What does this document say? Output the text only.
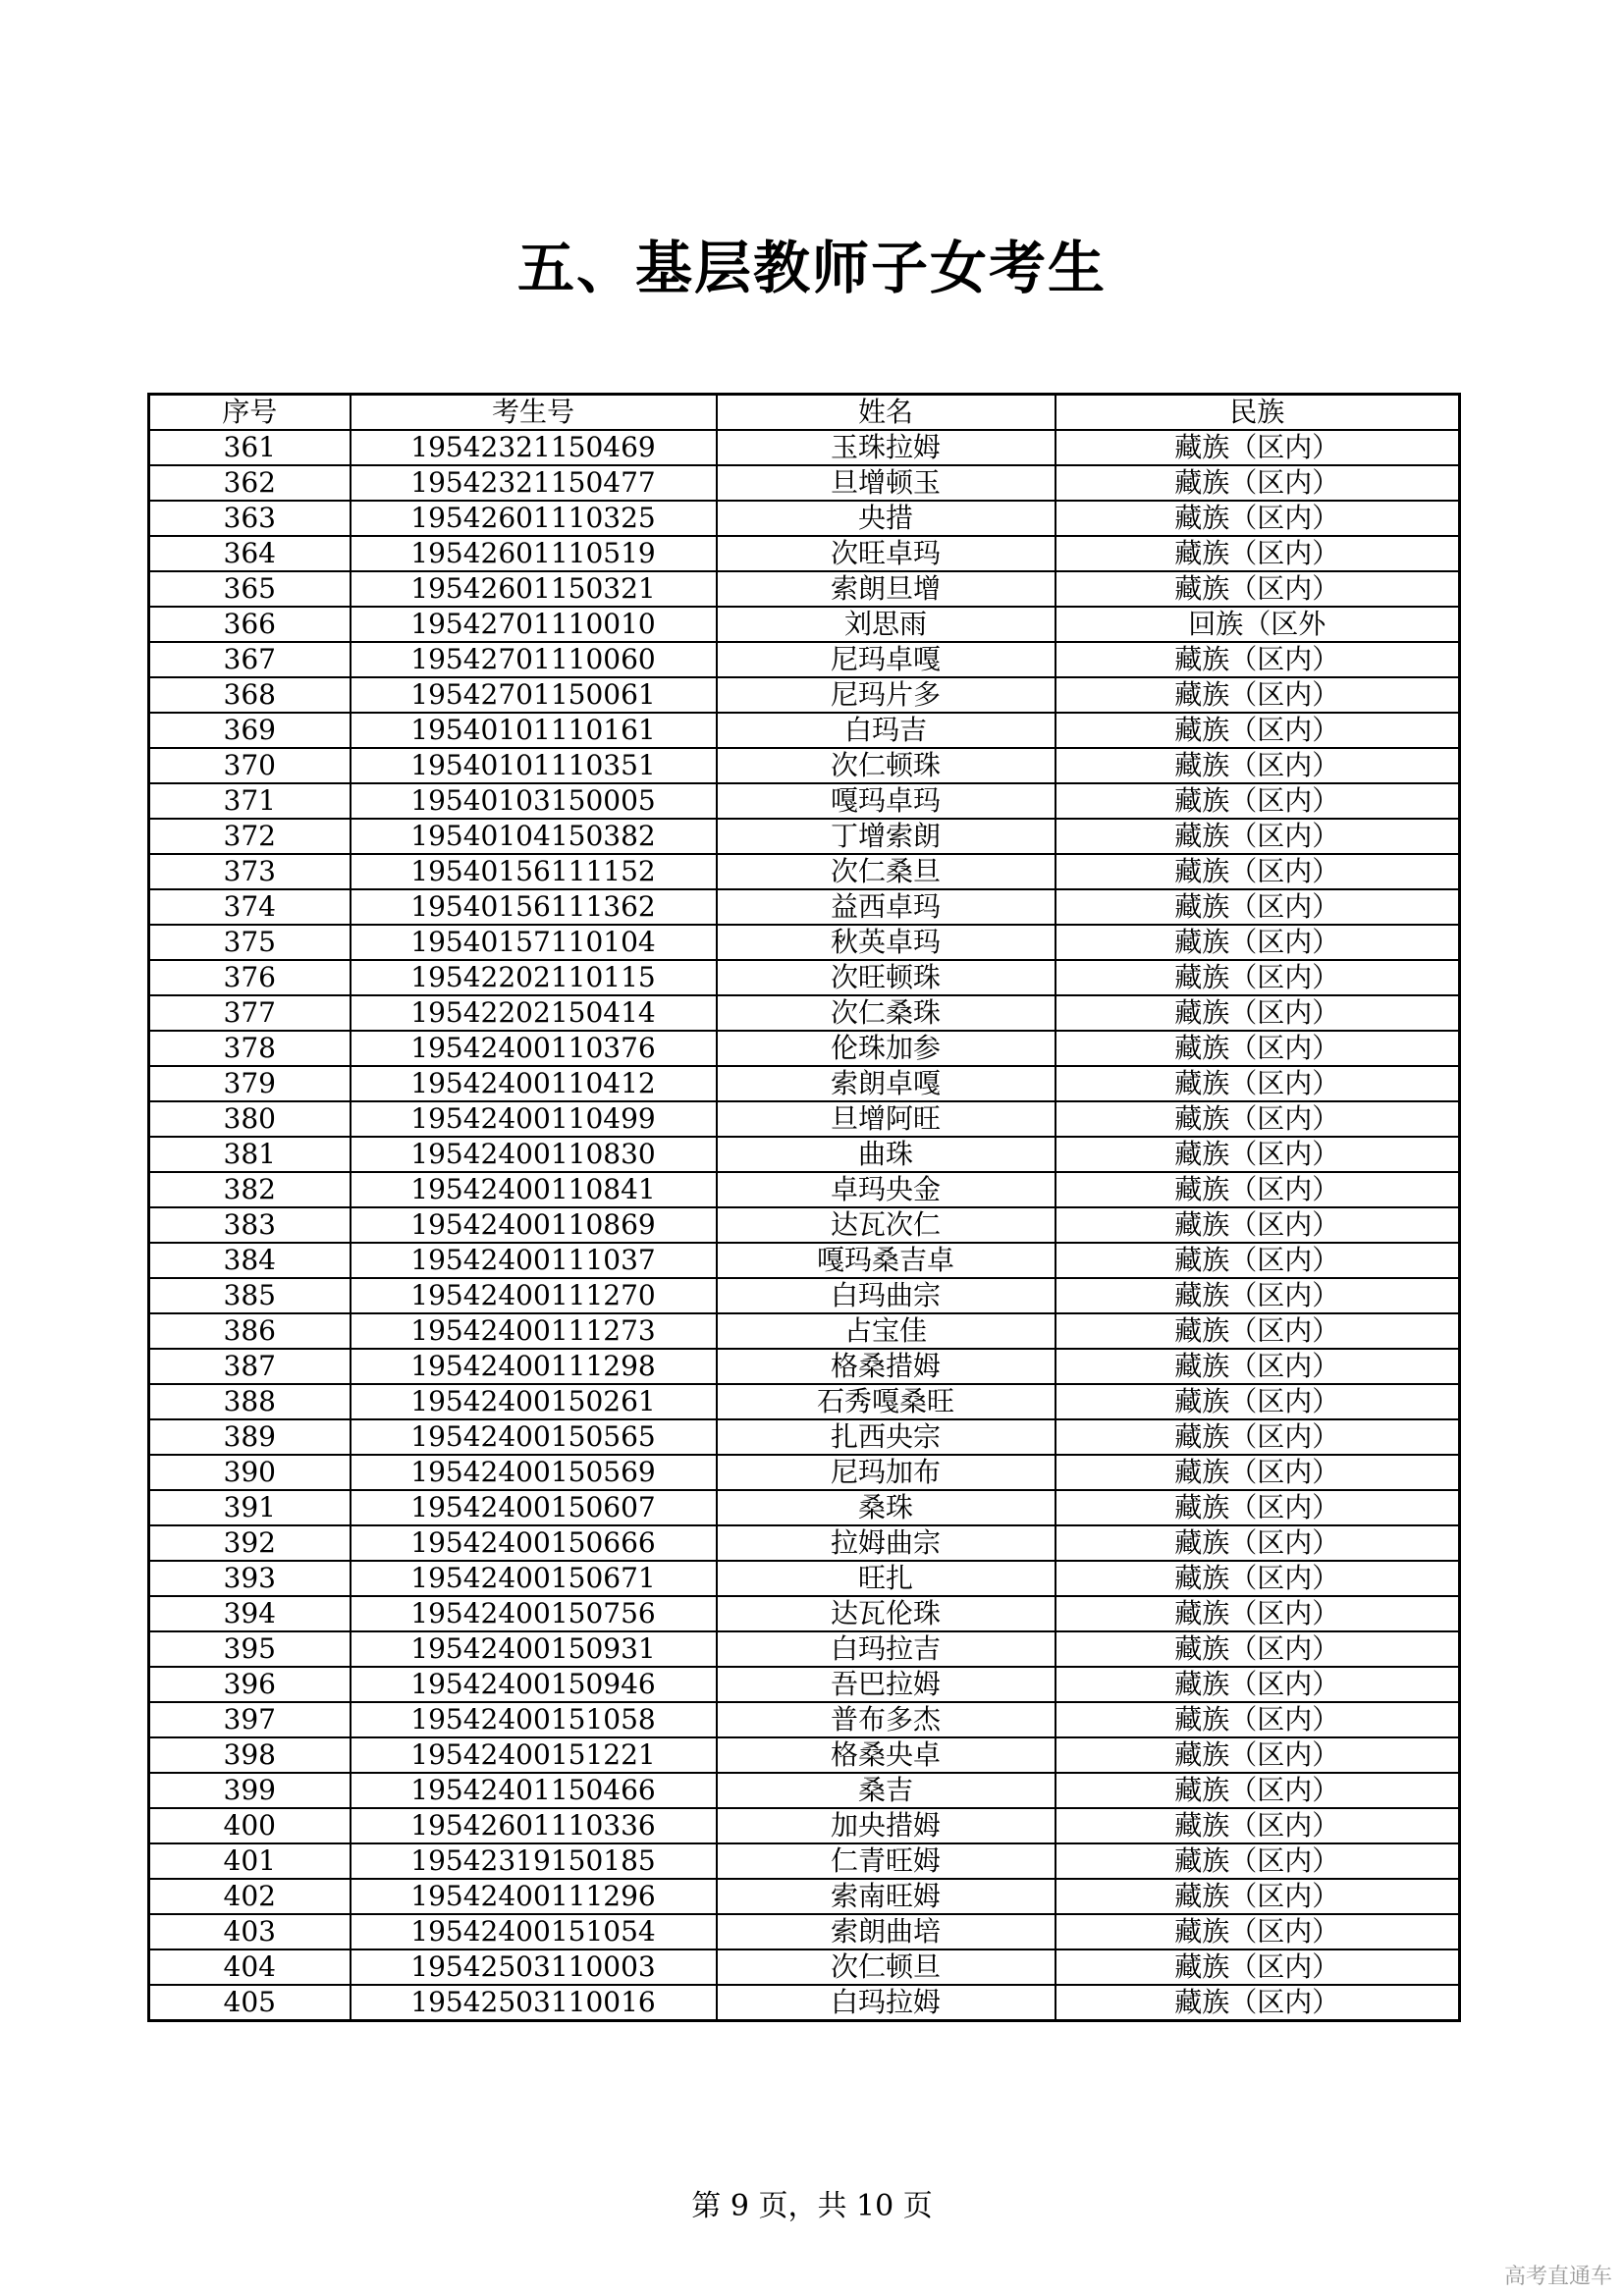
五、基层教师子女考生
序号	考生号	姓名	民族
361	19542321150469	玉珠拉姆	藏族（区内）
362	19542321150477	旦增顿玉	藏族（区内）
363	19542601110325	央措	藏族（区内）
364	19542601110519	次旺卓玛	藏族（区内）
365	19542601150321	索朗旦增	藏族（区内）
366	19542701110010	刘思雨	回族（区外
367	19542701110060	尼玛卓嘎	藏族（区内）
368	19542701150061	尼玛片多	藏族（区内）
369	19540101110161	白玛吉	藏族（区内）
370	19540101110351	次仁顿珠	藏族（区内）
371	19540103150005	嘎玛卓玛	藏族（区内）
372	19540104150382	丁增索朗	藏族（区内）
373	19540156111152	次仁桑旦	藏族（区内）
374	19540156111362	益西卓玛	藏族（区内）
375	19540157110104	秋英卓玛	藏族（区内）
376	19542202110115	次旺顿珠	藏族（区内）
377	19542202150414	次仁桑珠	藏族（区内）
378	19542400110376	伦珠加参	藏族（区内）
379	19542400110412	索朗卓嘎	藏族（区内）
380	19542400110499	旦增阿旺	藏族（区内）
381	19542400110830	曲珠	藏族（区内）
382	19542400110841	卓玛央金	藏族（区内）
383	19542400110869	达瓦次仁	藏族（区内）
384	19542400111037	嘎玛桑吉卓	藏族（区内）
385	19542400111270	白玛曲宗	藏族（区内）
386	19542400111273	占宝佳	藏族（区内）
387	19542400111298	格桑措姆	藏族（区内）
388	19542400150261	石秀嘎桑旺	藏族（区内）
389	19542400150565	扎西央宗	藏族（区内）
390	19542400150569	尼玛加布	藏族（区内）
391	19542400150607	桑珠	藏族（区内）
392	19542400150666	拉姆曲宗	藏族（区内）
393	19542400150671	旺扎	藏族（区内）
394	19542400150756	达瓦伦珠	藏族（区内）
395	19542400150931	白玛拉吉	藏族（区内）
396	19542400150946	吾巴拉姆	藏族（区内）
397	19542400151058	普布多杰	藏族（区内）
398	19542400151221	格桑央卓	藏族（区内）
399	19542401150466	桑吉	藏族（区内）
400	19542601110336	加央措姆	藏族（区内）
401	19542319150185	仁青旺姆	藏族（区内）
402	19542400111296	索南旺姆	藏族（区内）
403	19542400151054	索朗曲培	藏族（区内）
404	19542503110003	次仁顿旦	藏族（区内）
405	19542503110016	白玛拉姆	藏族（区内）
第 9 页，共 10 页
高考直通车
